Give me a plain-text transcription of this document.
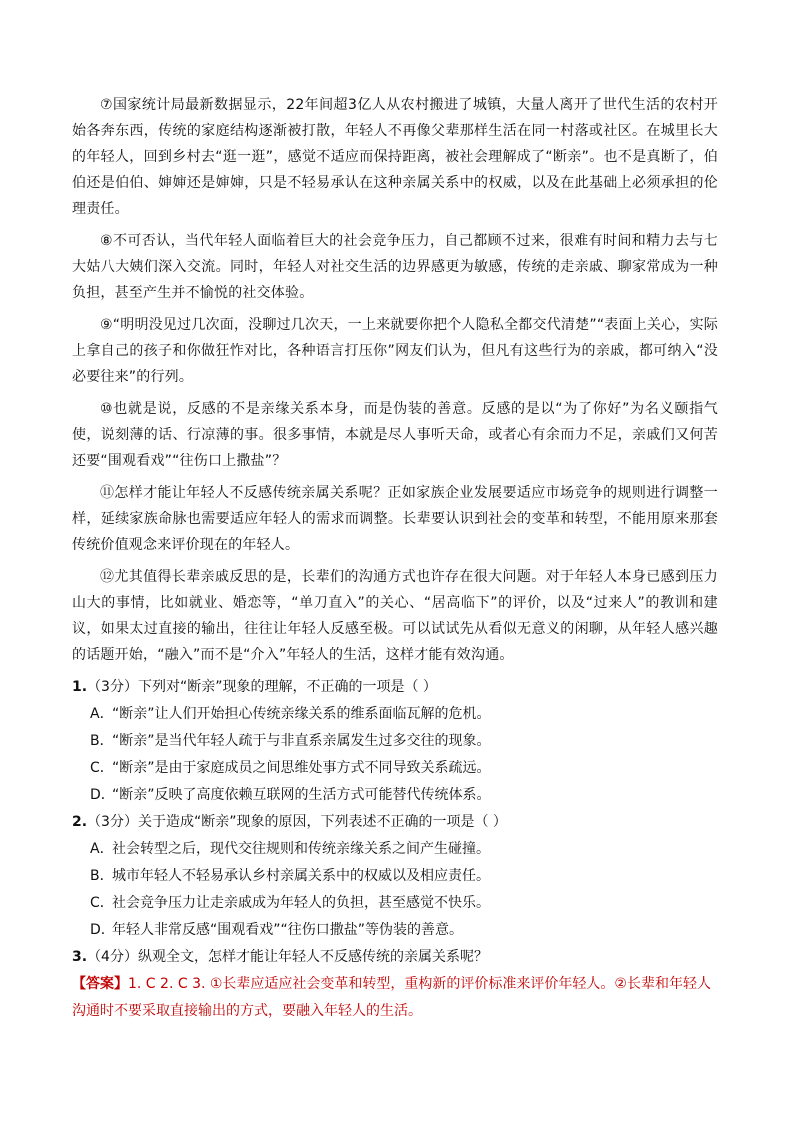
⑦国家统计局最新数据显示，22年间超3亿人从农村搬进了城镇，大量人离开了世代生活的农村开始各奔东西，传统的家庭结构逐渐被打散，年轻人不再像父辈那样生活在同一村落或社区。在城里长大的年轻人，回到乡村去“逛一逛”，感觉不适应而保持距离，被社会理解成了“断亲”。也不是真断了，伯伯还是伯伯、婶婶还是婶婶，只是不轻易承认在这种亲属关系中的权威，以及在此基础上必须承担的伦理责任。

⑧不可否认，当代年轻人面临着巨大的社会竞争压力，自己都顾不过来，很难有时间和精力去与七大姑八大姨们深入交流。同时，年轻人对社交生活的边界感更为敏感，传统的走亲戚、聊家常成为一种负担，甚至产生并不愉悦的社交体验。

⑨“明明没见过几次面，没聊过几次天，一上来就要你把个人隐私全都交代清楚”“表面上关心，实际上拿自己的孩子和你做狂怍对比，各种语言打压你”网友们认为，但凡有这些行为的亲戚，都可纳入“没必要往来”的行列。

⑩也就是说，反感的不是亲缘关系本身，而是伪装的善意。反感的是以“为了你好”为名义颐指气使，说刻薄的话、行凉薄的事。很多事情，本就是尽人事听天命，或者心有余而力不足，亲戚们又何苦还要“围观看戏”“往伤口上撒盐”？

⑪怎样才能让年轻人不反感传统亲属关系呢？正如家族企业发展要适应市场竞争的规则进行调整一样，延续家族命脉也需要适应年轻人的需求而调整。长辈要认识到社会的变革和转型，不能用原来那套传统价值观念来评价现在的年轻人。

⑫尤其值得长辈亲戚反思的是，长辈们的沟通方式也许存在很大问题。对于年轻人本身已感到压力山大的事情，比如就业、婚恋等，“单刀直入”的关心、“居高临下”的评价，以及“过来人”的教训和建议，如果太过直接的输出，往往让年轻人反感至极。可以试试先从看似无意义的闲聊，从年轻人感兴趣的话题开始，“融入”而不是“介入”年轻人的生活，这样才能有效沟通。

1.（3分）下列对“断亲”现象的理解，不正确的一项是（ ）

A．“断亲”让人们开始担心传统亲缘关系的维系面临瓦解的危机。

B．“断亲”是当代年轻人疏于与非直系亲属发生过多交往的现象。

C．“断亲”是由于家庭成员之间思维处事方式不同导致关系疏远。

D．“断亲”反映了高度依赖互联网的生活方式可能替代传统体系。

2.（3分）关于造成“断亲”现象的原因，下列表述不正确的一项是（ ）

A．社会转型之后，现代交往规则和传统亲缘关系之间产生碰撞。

B．城市年轻人不轻易承认乡村亲属关系中的权威以及相应责任。

C．社会竞争压力让走亲戚成为年轻人的负担，甚至感觉不快乐。

D．年轻人非常反感“围观看戏”“往伤口撒盐”等伪装的善意。

3.（4分）纵观全文，怎样才能让年轻人不反感传统的亲属关系呢？

【答案】1. C 2. C 3. ①长辈应适应社会变革和转型，重构新的评价标准来评价年轻人。②长辈和年轻人沟通时不要采取直接输出的方式，要融入年轻人的生活。
